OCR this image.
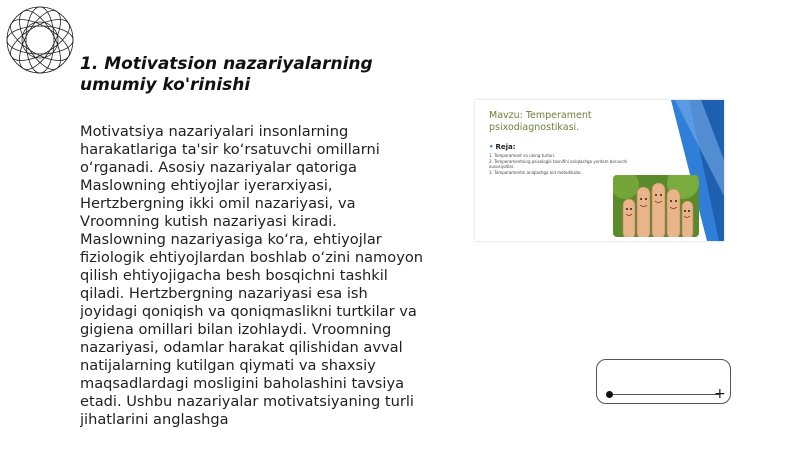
1. Motivatsion nazariyalarning
umumiy ko'rinishi

Motivatsiya nazariyalari insonlarning harakatlariga ta'sir ko‘rsatuvchi omillarni o‘rganadi. Asosiy nazariyalar qatoriga Maslowning ehtiyojlar iyerarxiyasi, Hertzbergning ikki omil nazariyasi, va Vroomning kutish nazariyasi kiradi. Maslowning nazariyasiga ko‘ra, ehtiyojlar fiziologik ehtiyojlardan boshlab o‘zini namoyon qilish ehtiyojigacha besh bosqichni tashkil qiladi. Hertzbergning nazariyasi esa ish joyidagi qoniqish va qoniqmaslikni turtkilar va gigiena omillari bilan izohlaydi. Vroomning nazariyasi, odamlar harakat qilishidan avval natijalarning kutilgan qiymati va shaxsiy maqsadlardagi mosligini baholashini tavsiya etadi. Ushbu nazariyalar motivatsiyaning turli jihatlarini anglashga

Mavzu: Temperament
psixodiagnostikasi.
• Reja:
1. Temperament va uning turlari.
2. Temperamentning psixologik tasnifini aniqlashga yordam beruvchi xususiyatlar.
3. Temperamentni aniqlashga oid metodikalar.
+
